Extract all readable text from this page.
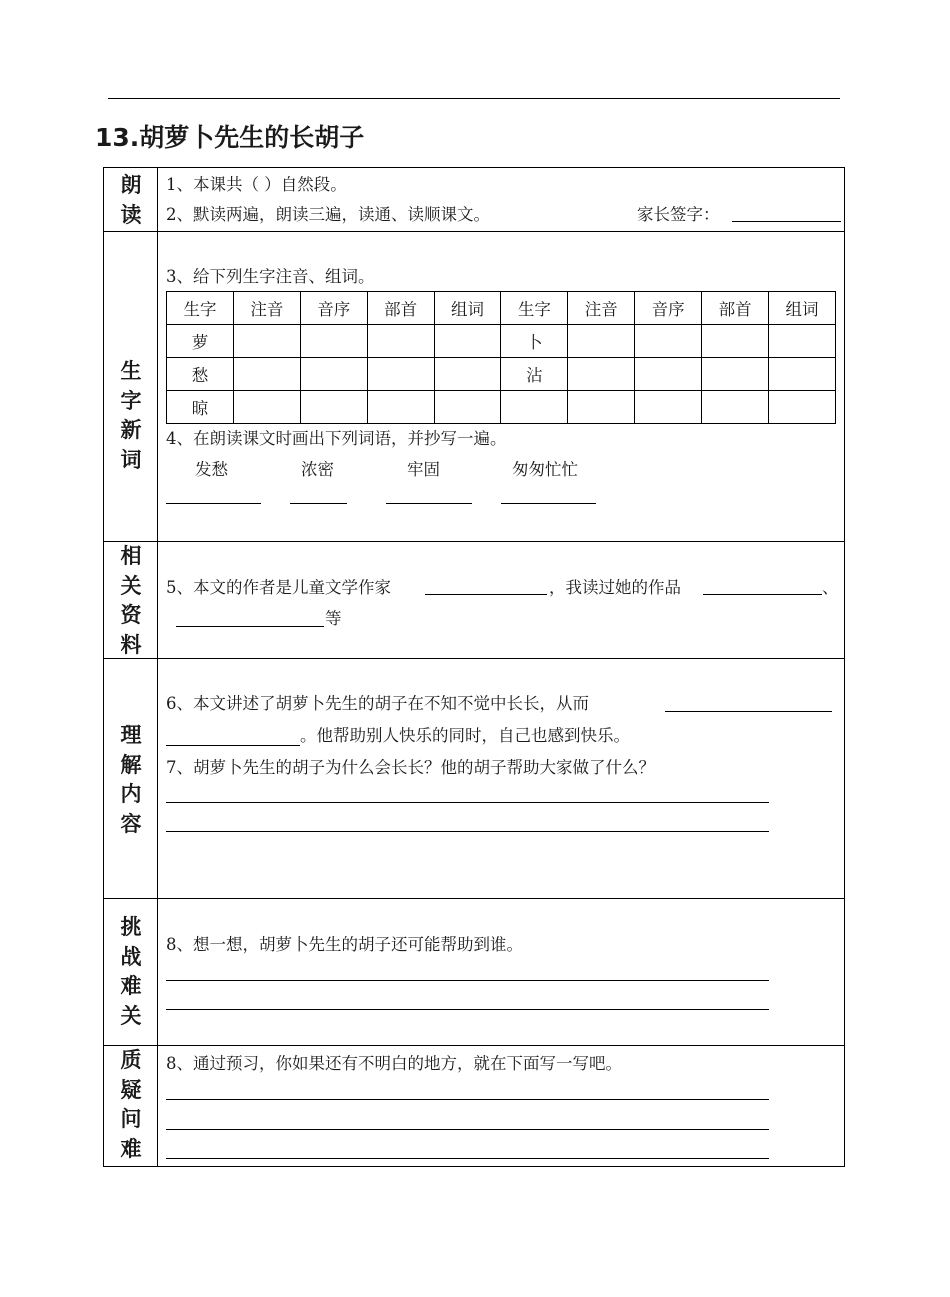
13.胡萝卜先生的长胡子
朗
读
1、本课共（ ）自然段。
2、默读两遍，朗读三遍，读通、读顺课文。	家长签字：
生
字
新
词
3、给下列生字注音、组词。
生字	注音	音序	部首	组词	生字	注音	音序	部首	组词
萝					卜				
愁					沾				
晾									
4、在朗读课文时画出下列词语，并抄写一遍。
发愁	浓密	牢固	匆匆忙忙
相
关
资
料
5、本文的作者是儿童文学作家	，我读过她的作品	、
等
理
解
内
容
6、本文讲述了胡萝卜先生的胡子在不知不觉中长长，从而
。他帮助别人快乐的同时，自己也感到快乐。
7、胡萝卜先生的胡子为什么会长长？他的胡子帮助大家做了什么？
挑
战
难
关
8、想一想，胡萝卜先生的胡子还可能帮助到谁。
质
疑
问
难
8、通过预习，你如果还有不明白的地方，就在下面写一写吧。
